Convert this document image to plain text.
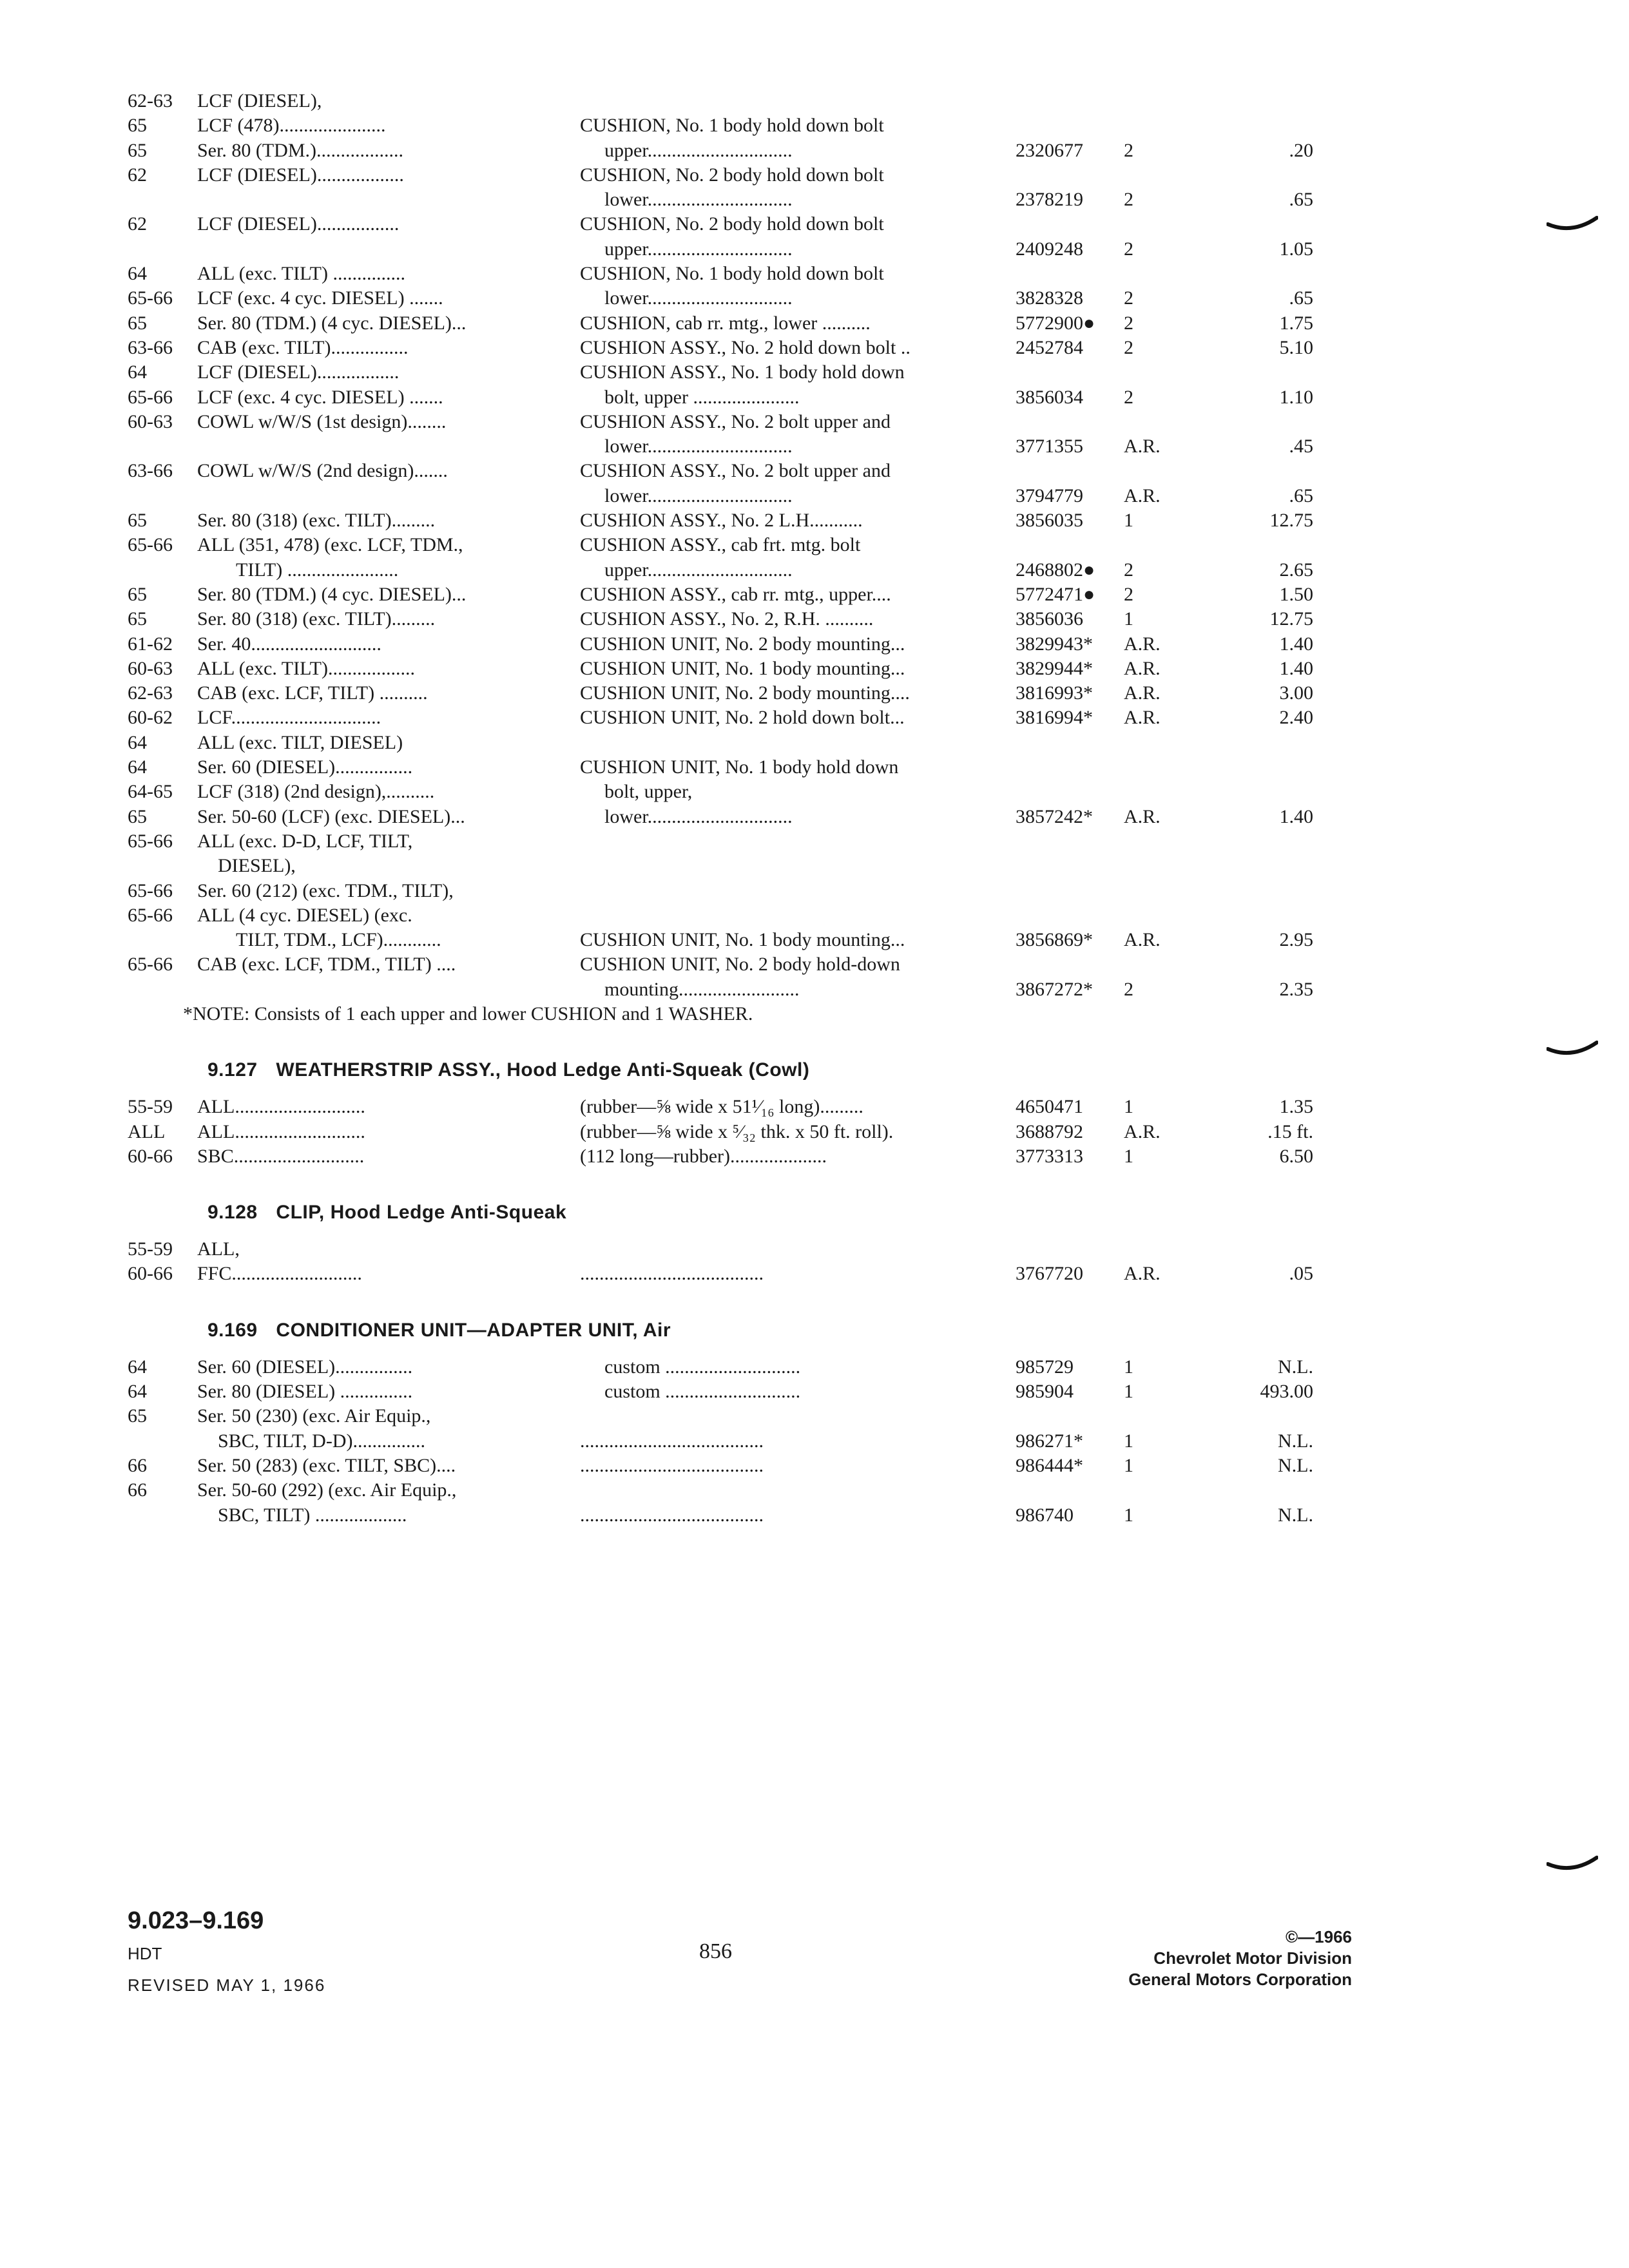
62-63 LCF (DIESEL),
65	LCF (478)......................	CUSHION, No. 1 body hold down bolt
65	Ser. 80 (TDM.)..................	upper..............................	2320677 2	.20
62	LCF (DIESEL)..................	CUSHION, No. 2 body hold down bolt
lower..............................	2378219 2	.65
62	LCF (DIESEL).................	CUSHION, No. 2 body hold down bolt
upper..............................	2409248 2	1.05
64	ALL (exc. TILT) ...............	CUSHION, No. 1 body hold down bolt
65-66 LCF (exc. 4 cyc. DIESEL) .......	lower..............................	3828328 2	.65
65	Ser. 80 (TDM.) (4 cyc. DIESEL)...	CUSHION, cab rr. mtg., lower ..........	5772900● 2	1.75
63-66 CAB (exc. TILT)................	CUSHION ASSY., No. 2 hold down bolt ..	2452784 2	5.10
64	LCF (DIESEL).................	CUSHION ASSY., No. 1 body hold down
65-66 LCF (exc. 4 cyc. DIESEL) .......	bolt, upper ......................	3856034 2	1.10
60-63 COWL w/W/S (1st design)........	CUSHION ASSY., No. 2 bolt upper and
lower..............................	3771355 A.R.	.45
63-66 COWL w/W/S (2nd design).......	CUSHION ASSY., No. 2 bolt upper and
lower..............................	3794779 A.R.	.65
65	Ser. 80 (318) (exc. TILT).........	CUSHION ASSY., No. 2 L.H...........	3856035 1	12.75
65-66 ALL (351, 478) (exc. LCF, TDM.,	CUSHION ASSY., cab frt. mtg. bolt
TILT) .......................	upper..............................	2468802● 2	2.65
65	Ser. 80 (TDM.) (4 cyc. DIESEL)...	CUSHION ASSY., cab rr. mtg., upper....	5772471● 2	1.50
65	Ser. 80 (318) (exc. TILT).........	CUSHION ASSY., No. 2, R.H. ..........	3856036 1	12.75
61-62 Ser. 40...........................	CUSHION UNIT, No. 2 body mounting...	3829943* A.R.	1.40
60-63 ALL (exc. TILT)..................	CUSHION UNIT, No. 1 body mounting...	3829944* A.R.	1.40
62-63 CAB (exc. LCF, TILT) ..........	CUSHION UNIT, No. 2 body mounting....	3816993* A.R.	3.00
60-62 LCF...............................	CUSHION UNIT, No. 2 hold down bolt...	3816994* A.R.	2.40
64	ALL (exc. TILT, DIESEL)
64	Ser. 60 (DIESEL)................	CUSHION UNIT, No. 1 body hold down
64-65 LCF (318) (2nd design),..........	bolt, upper,
65	Ser. 50-60 (LCF) (exc. DIESEL)...	lower..............................	3857242* A.R.	1.40
65-66 ALL (exc. D-D, LCF, TILT,
DIESEL),
65-66 Ser. 60 (212) (exc. TDM., TILT),
65-66 ALL (4 cyc. DIESEL) (exc.
TILT, TDM., LCF)............	CUSHION UNIT, No. 1 body mounting...	3856869* A.R.	2.95
65-66 CAB (exc. LCF, TDM., TILT) ....	CUSHION UNIT, No. 2 body hold-down
mounting.........................	3867272* 2	2.35
*NOTE: Consists of 1 each upper and lower CUSHION and 1 WASHER.
9.127 WEATHERSTRIP ASSY., Hood Ledge Anti-Squeak (Cowl)
55-59 ALL...........................	(rubber—⅝ wide x 51¹⁄₁₆ long).........	4650471 1	1.35
ALL ALL...........................	(rubber—⅝ wide x ⁵⁄₃₂ thk. x 50 ft. roll).	3688792 A.R.	.15 ft.
60-66 SBC...........................	(112 long—rubber)....................	3773313 1	6.50
9.128 CLIP, Hood Ledge Anti-Squeak
55-59 ALL,
60-66 FFC...........................	......................................	3767720 A.R.	.05
9.169 CONDITIONER UNIT—ADAPTER UNIT, Air
64	Ser. 60 (DIESEL)................	custom ............................	985729	1	N.L.
64	Ser. 80 (DIESEL) ...............	custom ............................	985904	1	493.00
65	Ser. 50 (230) (exc. Air Equip.,
SBC, TILT, D-D)...............	......................................	986271* 1	N.L.
66	Ser. 50 (283) (exc. TILT, SBC)....	......................................	986444* 1	N.L.
66	Ser. 50-60 (292) (exc. Air Equip.,
SBC, TILT) ...................	......................................	986740	1	N.L.
9.023–9.169
HDT
REVISED MAY 1, 1966
856
©—1966
Chevrolet Motor Division
General Motors Corporation
